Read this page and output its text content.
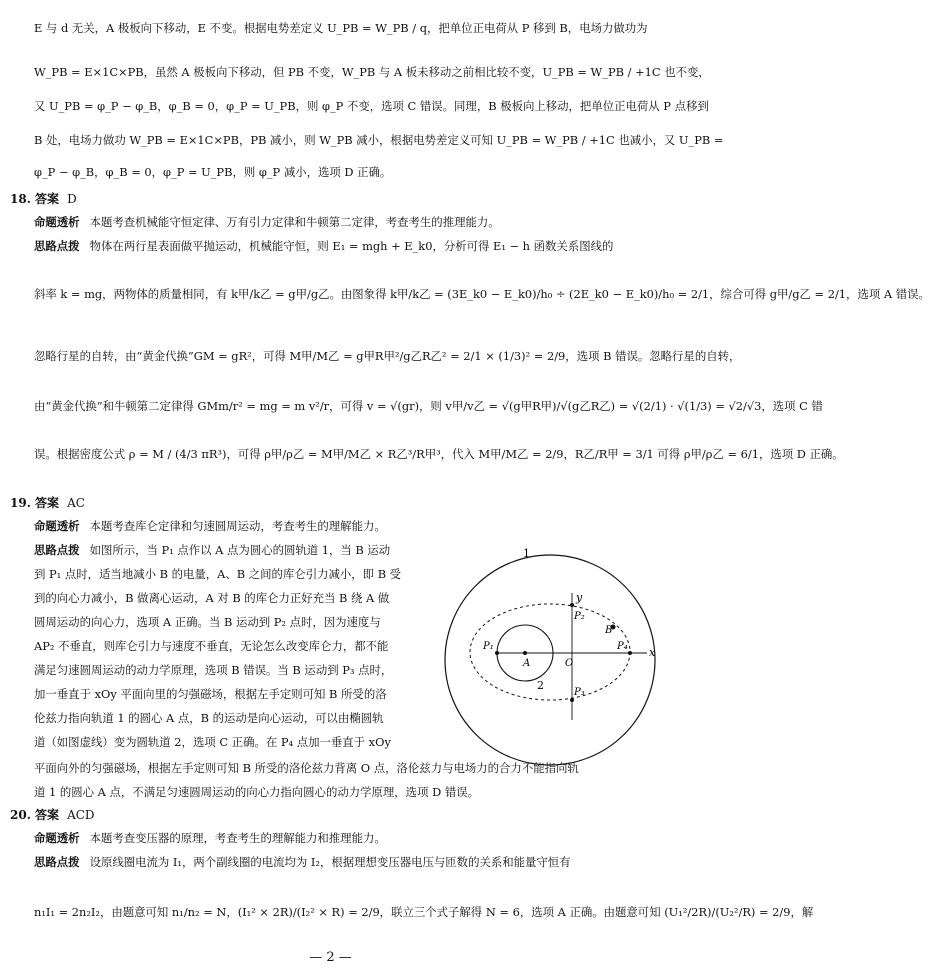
E 与 d 无关，A 极板向下移动，E 不变。根据电势差定义 U_PB = W_PB / q，把单位正电荷从 P 移到 B，电场力做功为
W_PB = E×1C×PB，虽然 A 极板向下移动，但 PB 不变，W_PB 与 A 板未移动之前相比较不变，U_PB = W_PB / +1C 也不变，
又 U_PB = φ_P − φ_B，φ_B = 0，φ_P = U_PB，则 φ_P 不变，选项 C 错误。同理，B 极板向上移动，把单位正电荷从 P 点移到
B 处，电场力做功 W_PB = E×1C×PB，PB 减小，则 W_PB 减小，根据电势差定义可知 U_PB = W_PB / +1C 也减小，又 U_PB =
φ_P − φ_B，φ_B = 0，φ_P = U_PB，则 φ_P 减小，选项 D 正确。
18. 答案 D
命题透析 本题考查机械能守恒定律、万有引力定律和牛顿第二定律，考查考生的推理能力。
思路点拨 物体在两行星表面做平抛运动，机械能守恒，则 E₁ = mgh + E_k0，分析可得 E₁ − h 函数关系图线的
斜率 k = mg，两物体的质量相同，有 k甲/k乙 = g甲/g乙。由图象得 k甲/k乙 = (3E_k0 − E_k0)/h₀ ÷ (2E_k0 − E_k0)/h₀ = 2/1，综合可得 g甲/g乙 = 2/1，选项 A 错误。
忽略行星的自转，由“黄金代换”GM = gR²，可得 M甲/M乙 = g甲R甲²/g乙R乙² = 2/1 × (1/3)² = 2/9，选项 B 错误。忽略行星的自转，
由“黄金代换”和牛顿第二定律得 GMm/r² = mg = m v²/r，可得 v = √(gr)，则 v甲/v乙 = √(g甲R甲)/√(g乙R乙) = √(2/1) · √(1/3) = √2/√3，选项 C 错
误。根据密度公式 ρ = M / (4/3 πR³)，可得 ρ甲/ρ乙 = M甲/M乙 × R乙³/R甲³，代入 M甲/M乙 = 2/9，R乙/R甲 = 3/1 可得 ρ甲/ρ乙 = 6/1，选项 D 正确。
19. 答案 AC
命题透析 本题考查库仑定律和匀速圆周运动，考查考生的理解能力。
思路点拨 如图所示，当 P₁ 点作以 A 点为圆心的圆轨道 1，当 B 运动
到 P₁ 点时，适当地减小 B 的电量，A、B 之间的库仑引力减小，即 B 受
到的向心力减小，B 做离心运动，A 对 B 的库仑力正好充当 B 绕 A 做
圆周运动的向心力，选项 A 正确。当 B 运动到 P₂ 点时，因为速度与
AP₂ 不垂直，则库仑引力与速度不垂直，无论怎么改变库仑力，都不能
满足匀速圆周运动的动力学原理，选项 B 错误。当 B 运动到 P₃ 点时，
加一垂直于 xOy 平面向里的匀强磁场，根据左手定则可知 B 所受的洛
伦兹力指向轨道 1 的圆心 A 点，B 的运动是向心运动，可以由椭圆轨
道（如图虚线）变为圆轨道 2，选项 C 正确。在 P₄ 点加一垂直于 xOy
平面向外的匀强磁场，根据左手定则可知 B 所受的洛伦兹力背离 O 点，洛伦兹力与电场力的合力不能指向轨
道 1 的圆心 A 点，不满足匀速圆周运动的向心力指向圆心的动力学原理，选项 D 错误。
1
2
y
x
O
A
B
P₁
P₂
P₃
P₄
20. 答案 ACD
命题透析 本题考查变压器的原理，考查考生的理解能力和推理能力。
思路点拨 设原线圈电流为 I₁，两个副线圈的电流均为 I₂，根据理想变压器电压与匝数的关系和能量守恒有
n₁I₁ = 2n₂I₂，由题意可知 n₁/n₂ = N，(I₁² × 2R)/(I₂² × R) = 2/9，联立三个式子解得 N = 6，选项 A 正确。由题意可知 (U₁²/2R)/(U₂²/R) = 2/9，解
— 2 —
